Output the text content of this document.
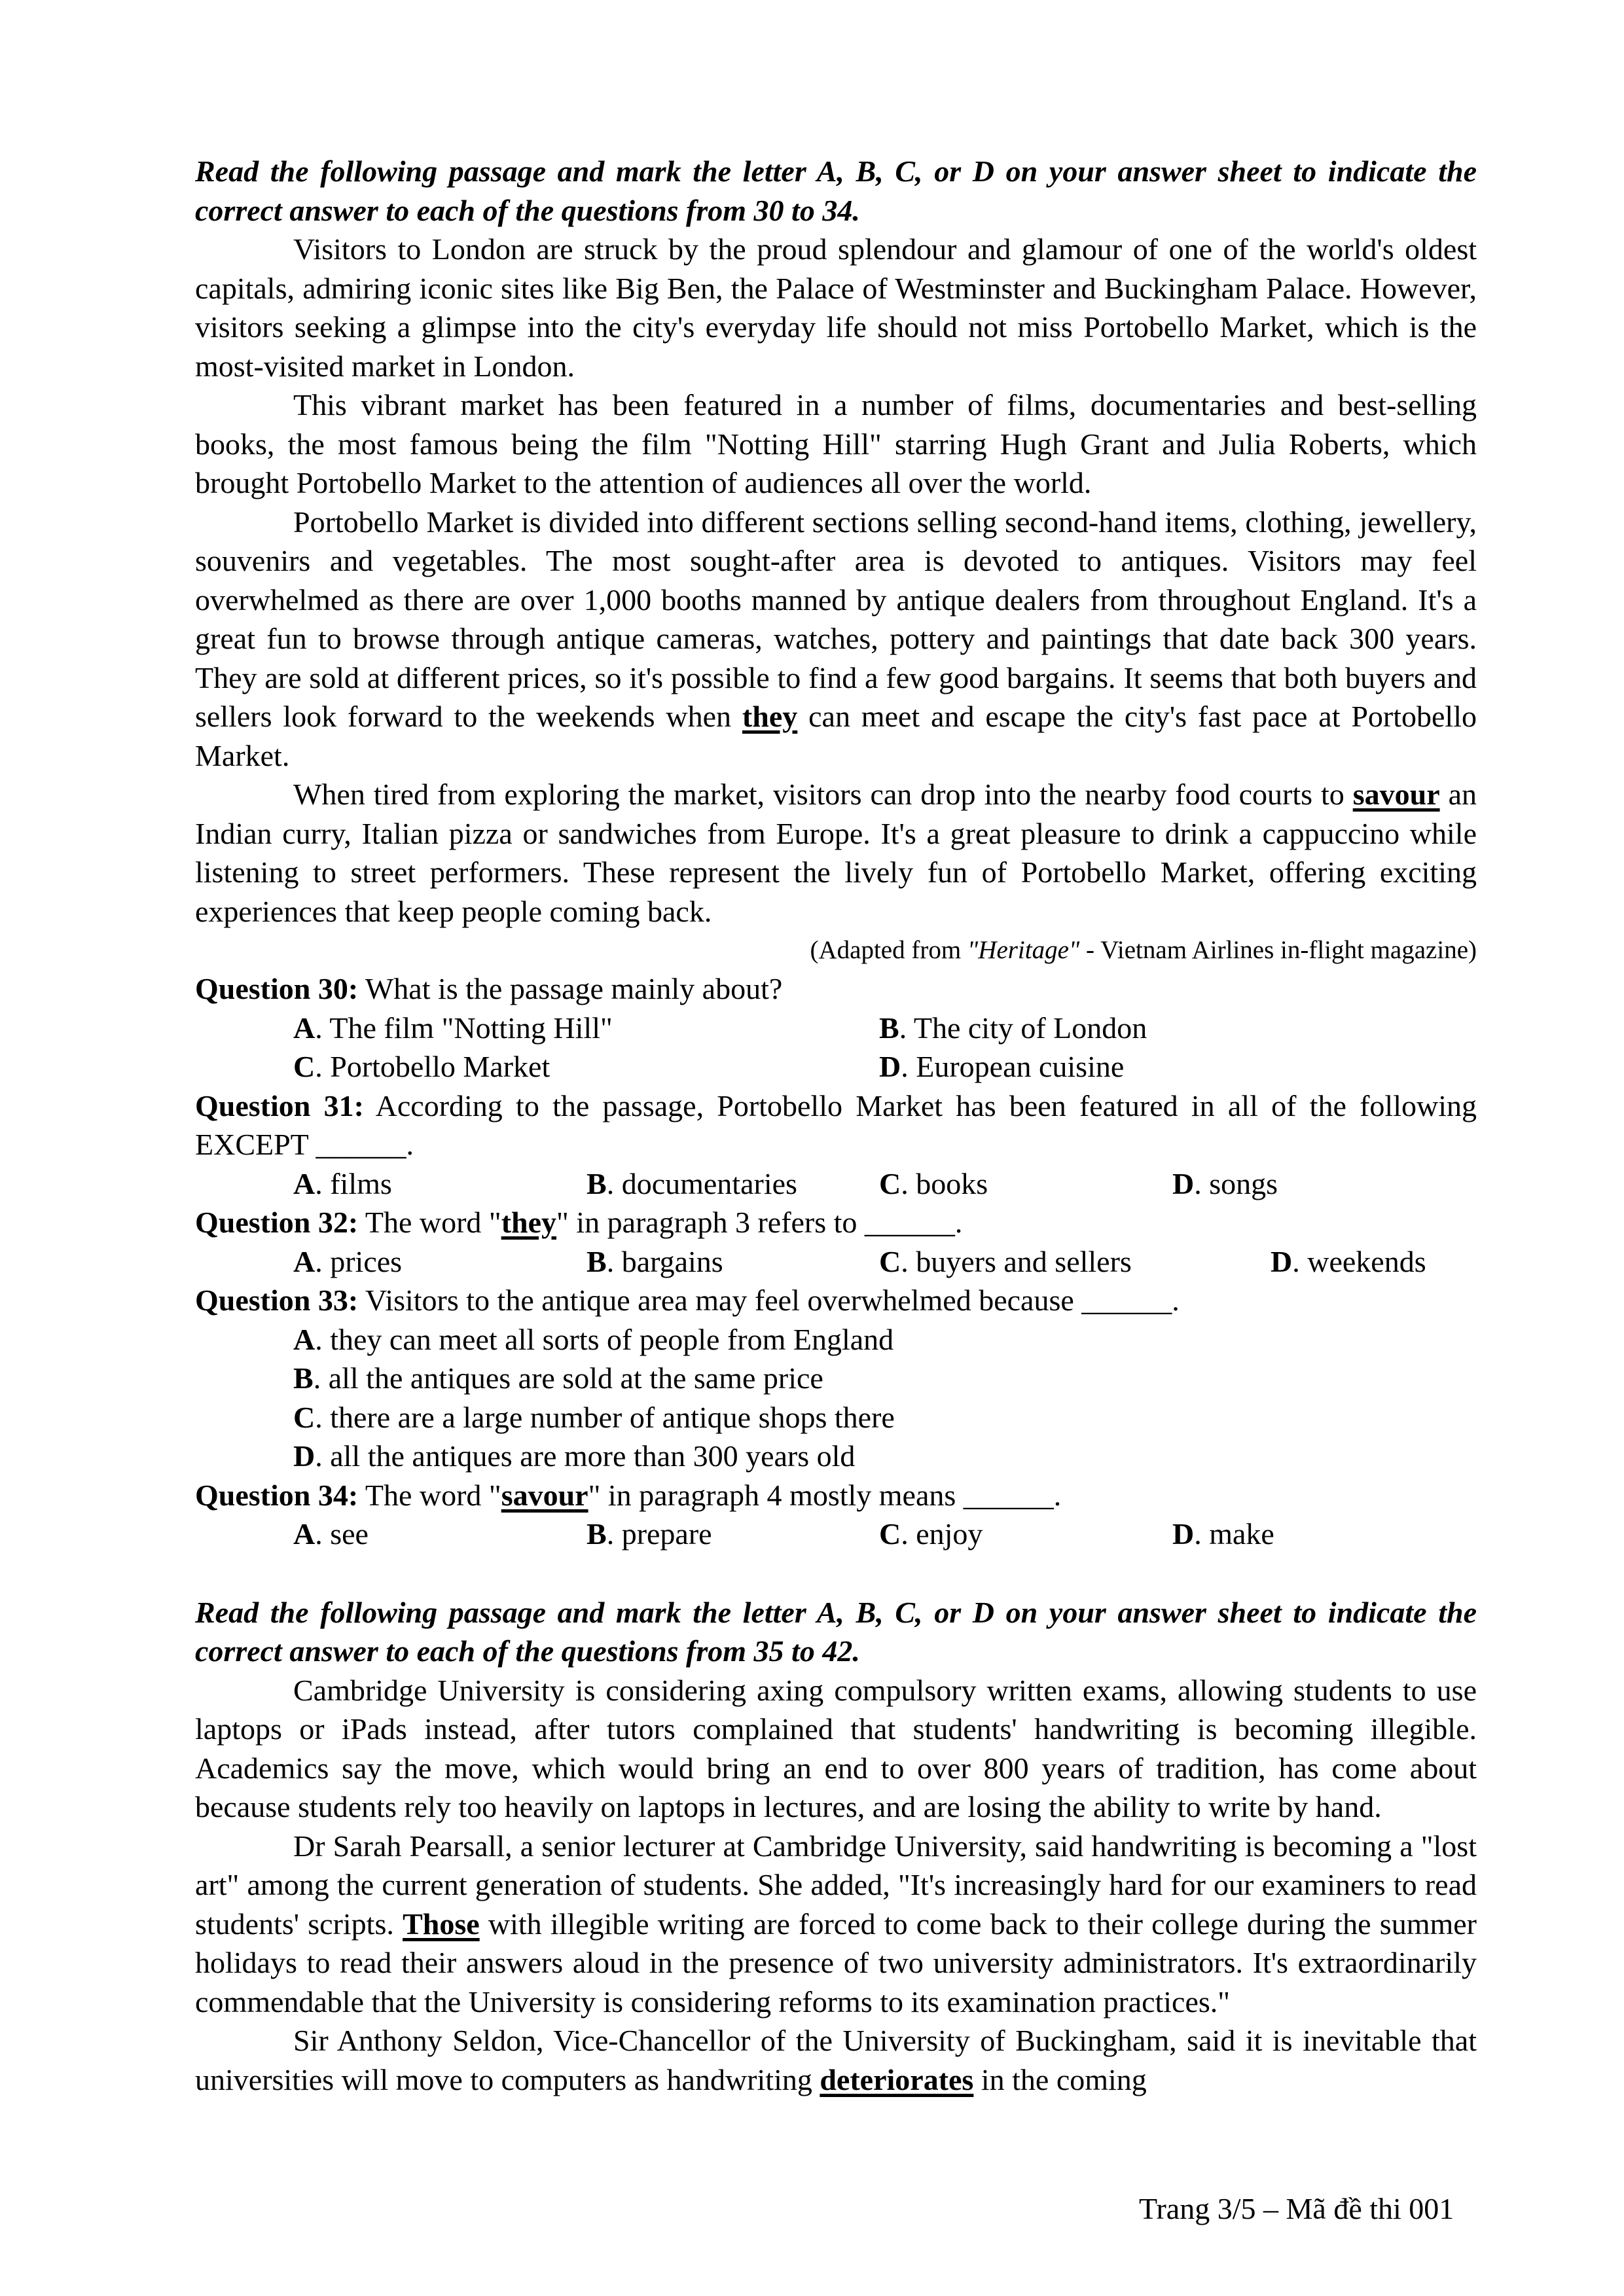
Read the following passage and mark the letter A, B, C, or D on your answer sheet to indicate the correct answer to each of the questions from 30 to 34.
Visitors to London are struck by the proud splendour and glamour of one of the world's oldest capitals, admiring iconic sites like Big Ben, the Palace of Westminster and Buckingham Palace. However, visitors seeking a glimpse into the city's everyday life should not miss Portobello Market, which is the most-visited market in London.
This vibrant market has been featured in a number of films, documentaries and best-selling books, the most famous being the film "Notting Hill" starring Hugh Grant and Julia Roberts, which brought Portobello Market to the attention of audiences all over the world.
Portobello Market is divided into different sections selling second-hand items, clothing, jewellery, souvenirs and vegetables. The most sought-after area is devoted to antiques. Visitors may feel overwhelmed as there are over 1,000 booths manned by antique dealers from throughout England. It's a great fun to browse through antique cameras, watches, pottery and paintings that date back 300 years. They are sold at different prices, so it's possible to find a few good bargains. It seems that both buyers and sellers look forward to the weekends when they can meet and escape the city's fast pace at Portobello Market.
When tired from exploring the market, visitors can drop into the nearby food courts to savour an Indian curry, Italian pizza or sandwiches from Europe. It's a great pleasure to drink a cappuccino while listening to street performers. These represent the lively fun of Portobello Market, offering exciting experiences that keep people coming back.
(Adapted from "Heritage" - Vietnam Airlines in-flight magazine)
Question 30: What is the passage mainly about?
A. The film "Notting Hill"	B. The city of London
C. Portobello Market	D. European cuisine
Question 31: According to the passage, Portobello Market has been featured in all of the following EXCEPT ______.
A. films	B. documentaries	C. books	D. songs
Question 32: The word "they" in paragraph 3 refers to ______.
A. prices	B. bargains	C. buyers and sellers	D. weekends
Question 33: Visitors to the antique area may feel overwhelmed because ______.
A. they can meet all sorts of people from England
B. all the antiques are sold at the same price
C. there are a large number of antique shops there
D. all the antiques are more than 300 years old
Question 34: The word "savour" in paragraph 4 mostly means ______.
A. see	B. prepare	C. enjoy	D. make
Read the following passage and mark the letter A, B, C, or D on your answer sheet to indicate the correct answer to each of the questions from 35 to 42.
Cambridge University is considering axing compulsory written exams, allowing students to use laptops or iPads instead, after tutors complained that students' handwriting is becoming illegible. Academics say the move, which would bring an end to over 800 years of tradition, has come about because students rely too heavily on laptops in lectures, and are losing the ability to write by hand.
Dr Sarah Pearsall, a senior lecturer at Cambridge University, said handwriting is becoming a "lost art" among the current generation of students. She added, "It's increasingly hard for our examiners to read students' scripts. Those with illegible writing are forced to come back to their college during the summer holidays to read their answers aloud in the presence of two university administrators. It's extraordinarily commendable that the University is considering reforms to its examination practices."
Sir Anthony Seldon, Vice-Chancellor of the University of Buckingham, said it is inevitable that universities will move to computers as handwriting deteriorates in the coming
Trang 3/5 – Mã đề thi 001
